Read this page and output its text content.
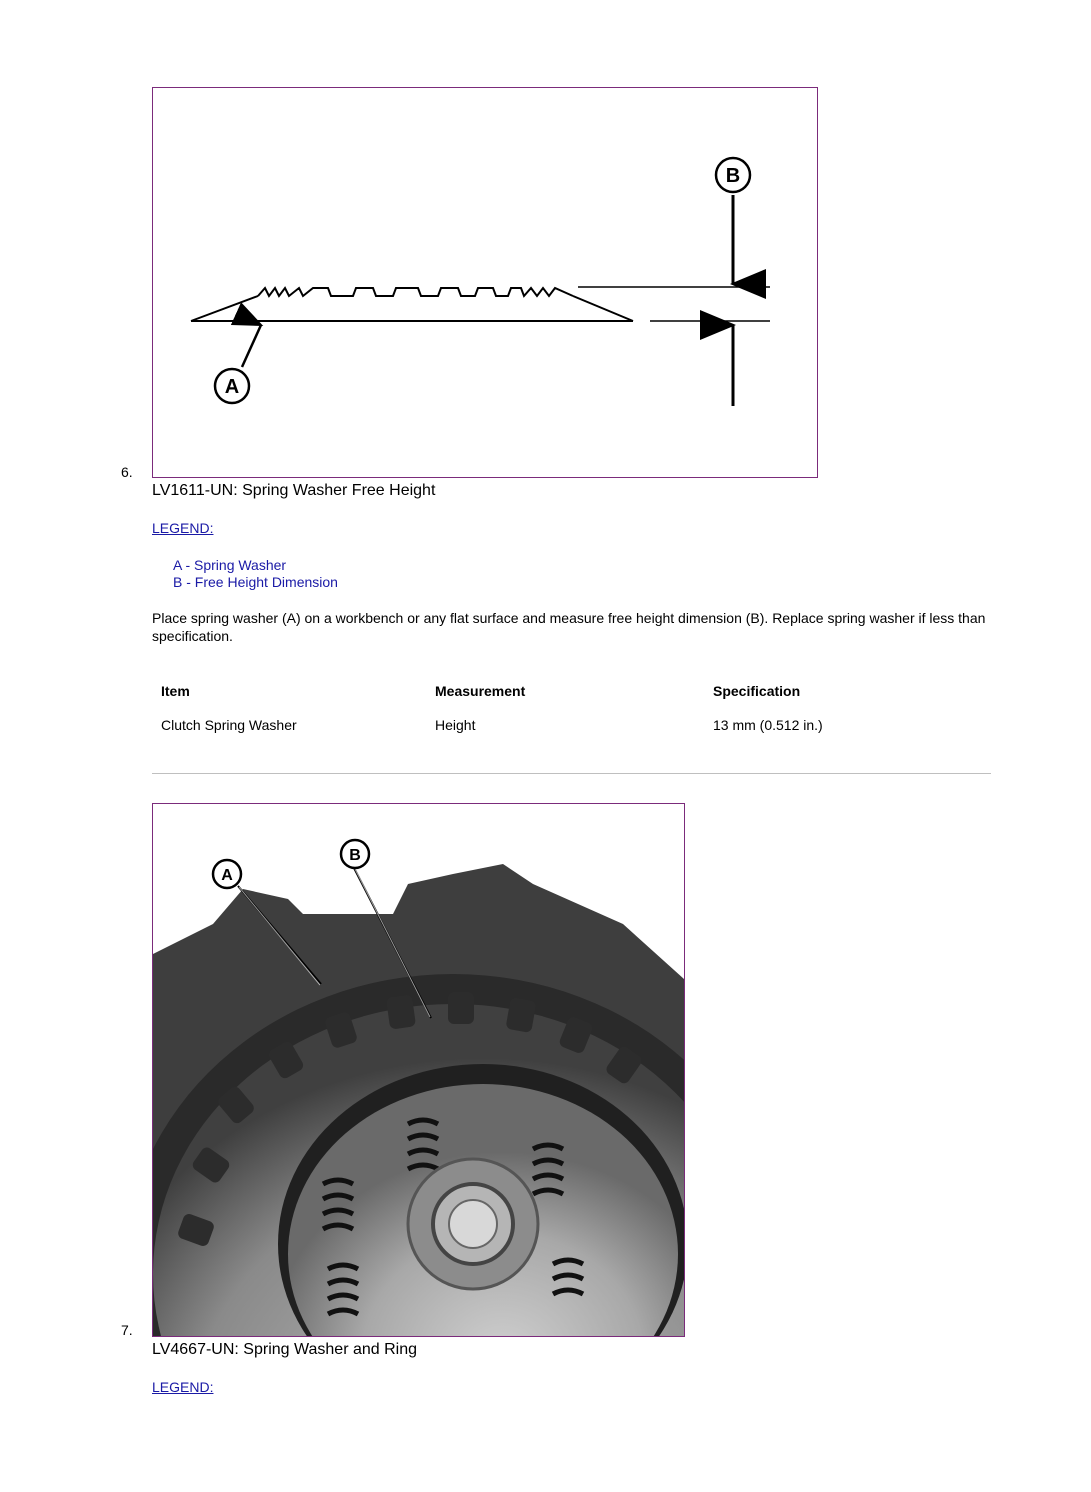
6.
B
A
LV1611-UN: Spring Washer Free Height
LEGEND:
A - Spring Washer
B - Free Height Dimension
Place spring washer (A) on a workbench or any flat surface and measure free height dimension (B). Replace spring washer if less than specification.
Item	Measurement	Specification
Clutch Spring Washer	Height	13 mm (0.512 in.)
7.
A
B
LV4667-UN: Spring Washer and Ring
LEGEND:
